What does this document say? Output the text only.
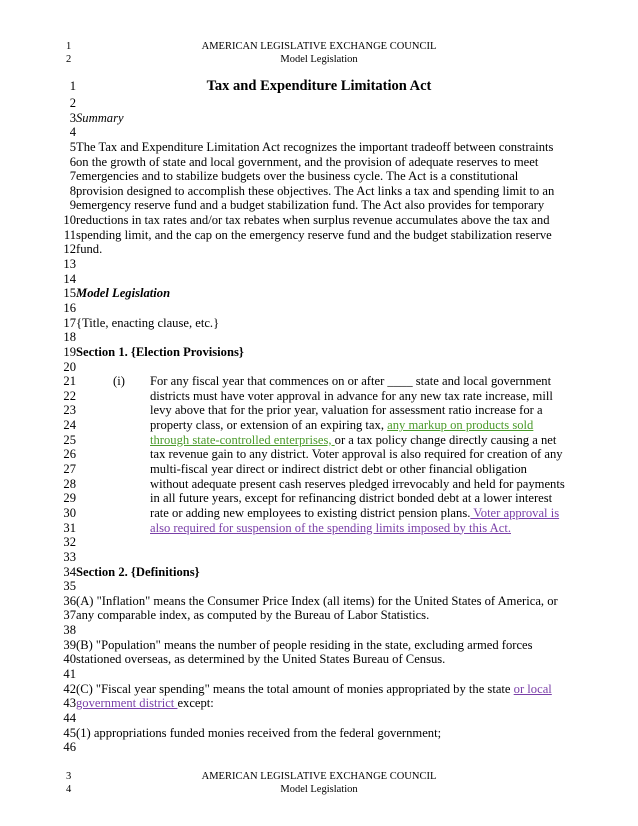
1	AMERICAN LEGISLATIVE EXCHANGE COUNCIL
2	Model Legislation
1	Tax and Expenditure Limitation Act
2
3 Summary
4
5 The Tax and Expenditure Limitation Act recognizes the important tradeoff between constraints
6 on the growth of state and local government, and the provision of adequate reserves to meet
7 emergencies and to stabilize budgets over the business cycle. The Act is a constitutional
8 provision designed to accomplish these objectives. The Act links a tax and spending limit to an
9 emergency reserve fund and a budget stabilization fund. The Act also provides for temporary
10 reductions in tax rates and/or tax rebates when surplus revenue accumulates above the tax and
11 spending limit, and the cap on the emergency reserve fund and the budget stabilization reserve
12 fund.
13
14
15 Model Legislation
16
17 {Title, enacting clause, etc.}
18
19 Section 1. {Election Provisions}
20
21	(i) For any fiscal year that commences on or after ____ state and local government
22	districts must have voter approval in advance for any new tax rate increase, mill
23	levy above that for the prior year, valuation for assessment ratio increase for a
24	property class, or extension of an expiring tax, any markup on products sold
25	through state-controlled enterprises, or a tax policy change directly causing a net
26	tax revenue gain to any district. Voter approval is also required for creation of any
27	multi-fiscal year direct or indirect district debt or other financial obligation
28	without adequate present cash reserves pledged irrevocably and held for payments
29	in all future years, except for refinancing district bonded debt at a lower interest
30	rate or adding new employees to existing district pension plans. Voter approval is
31	also required for suspension of the spending limits imposed by this Act.
32
33
34 Section 2. {Definitions}
35
36 (A) "Inflation" means the Consumer Price Index (all items) for the United States of America, or
37 any comparable index, as computed by the Bureau of Labor Statistics.
38
39 (B) "Population" means the number of people residing in the state, excluding armed forces
40 stationed overseas, as determined by the United States Bureau of Census.
41
42 (C) "Fiscal year spending" means the total amount of monies appropriated by the state or local
43 government district except:
44
45 (1) appropriations funded monies received from the federal government;
46
3	AMERICAN LEGISLATIVE EXCHANGE COUNCIL
4	Model Legislation
